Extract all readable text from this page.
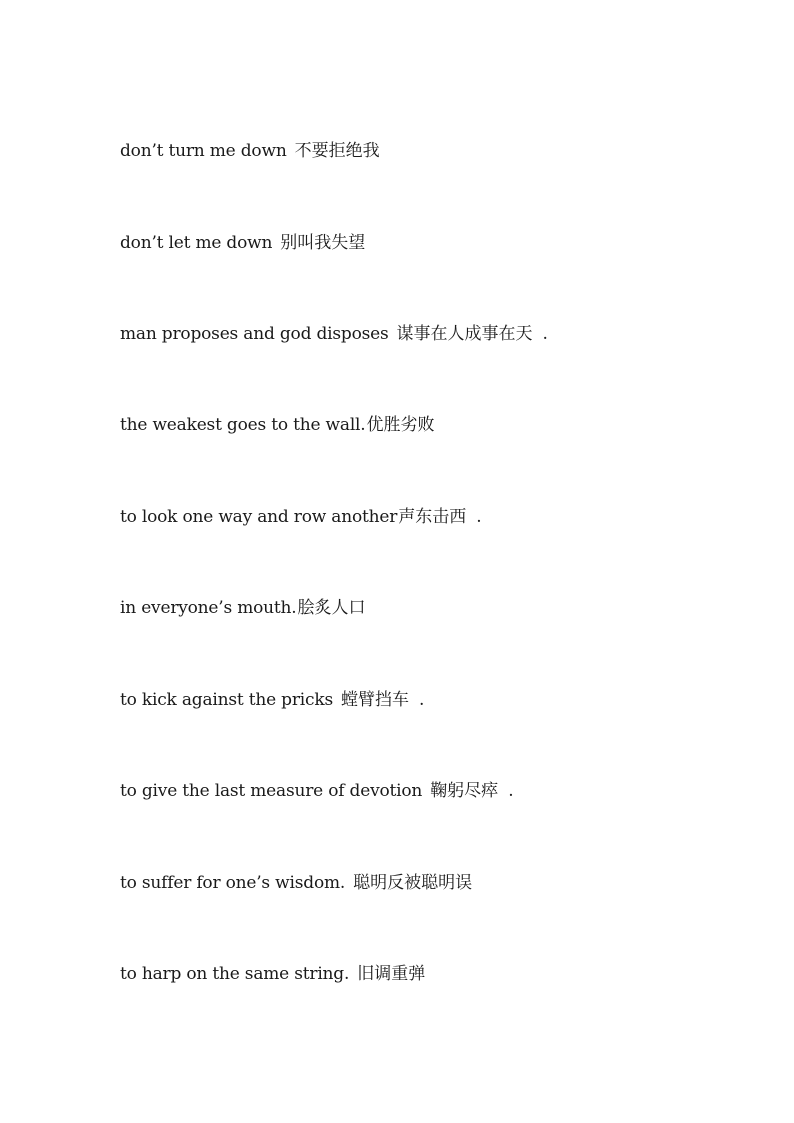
don’t turn me down 不要拒绝我
don’t let me down 别叫我失望
man proposes and god disposes 谋事在人成事在天 .
the weakest goes to the wall. 优胜劣败
to look one way and row another 声东击西 .
in everyone’s mouth. 脍炙人口
to kick against the pricks 螳臂挡车 .
to give the last measure of devotion 鞠躬尽瘁 .
to suffer for one’s wisdom. 聪明反被聪明误
to harp on the same string. 旧调重弹
